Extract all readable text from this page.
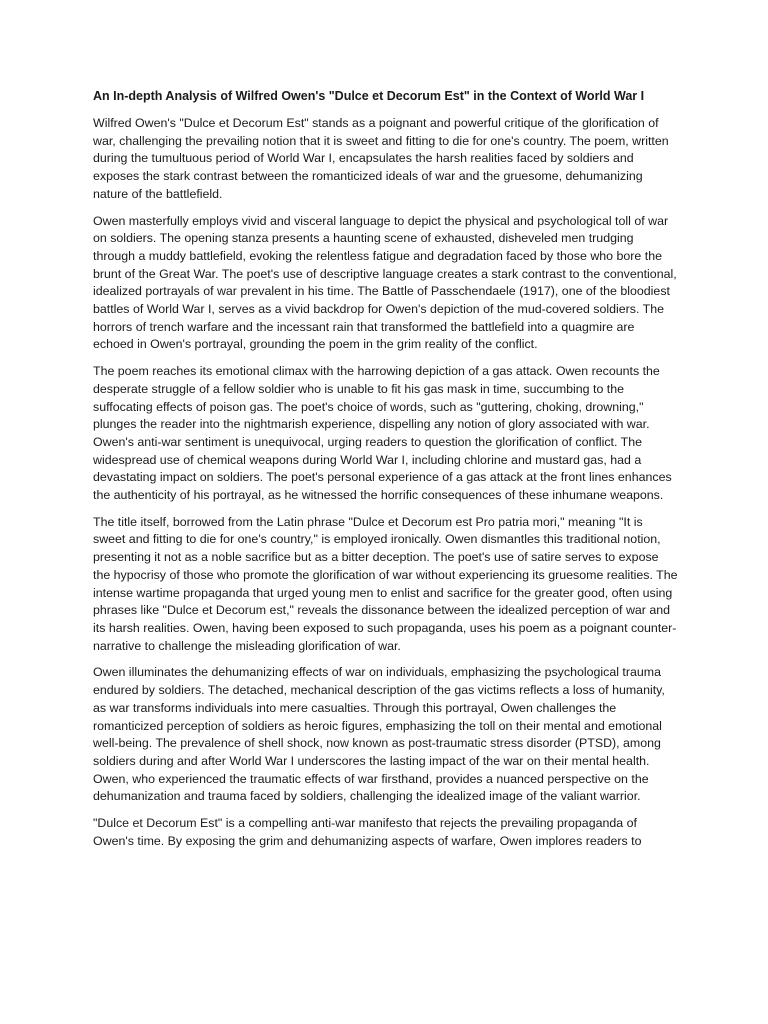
An In-depth Analysis of Wilfred Owen's "Dulce et Decorum Est" in the Context of World War I

Wilfred Owen's "Dulce et Decorum Est" stands as a poignant and powerful critique of the glorification of war, challenging the prevailing notion that it is sweet and fitting to die for one's country. The poem, written during the tumultuous period of World War I, encapsulates the harsh realities faced by soldiers and exposes the stark contrast between the romanticized ideals of war and the gruesome, dehumanizing nature of the battlefield.

Owen masterfully employs vivid and visceral language to depict the physical and psychological toll of war on soldiers. The opening stanza presents a haunting scene of exhausted, disheveled men trudging through a muddy battlefield, evoking the relentless fatigue and degradation faced by those who bore the brunt of the Great War. The poet's use of descriptive language creates a stark contrast to the conventional, idealized portrayals of war prevalent in his time. The Battle of Passchendaele (1917), one of the bloodiest battles of World War I, serves as a vivid backdrop for Owen's depiction of the mud-covered soldiers. The horrors of trench warfare and the incessant rain that transformed the battlefield into a quagmire are echoed in Owen's portrayal, grounding the poem in the grim reality of the conflict.

The poem reaches its emotional climax with the harrowing depiction of a gas attack. Owen recounts the desperate struggle of a fellow soldier who is unable to fit his gas mask in time, succumbing to the suffocating effects of poison gas. The poet's choice of words, such as "guttering, choking, drowning," plunges the reader into the nightmarish experience, dispelling any notion of glory associated with war. Owen's anti-war sentiment is unequivocal, urging readers to question the glorification of conflict. The widespread use of chemical weapons during World War I, including chlorine and mustard gas, had a devastating impact on soldiers. The poet's personal experience of a gas attack at the front lines enhances the authenticity of his portrayal, as he witnessed the horrific consequences of these inhumane weapons.

The title itself, borrowed from the Latin phrase "Dulce et Decorum est Pro patria mori," meaning "It is sweet and fitting to die for one's country," is employed ironically. Owen dismantles this traditional notion, presenting it not as a noble sacrifice but as a bitter deception. The poet's use of satire serves to expose the hypocrisy of those who promote the glorification of war without experiencing its gruesome realities. The intense wartime propaganda that urged young men to enlist and sacrifice for the greater good, often using phrases like "Dulce et Decorum est," reveals the dissonance between the idealized perception of war and its harsh realities. Owen, having been exposed to such propaganda, uses his poem as a poignant counter-narrative to challenge the misleading glorification of war.

Owen illuminates the dehumanizing effects of war on individuals, emphasizing the psychological trauma endured by soldiers. The detached, mechanical description of the gas victims reflects a loss of humanity, as war transforms individuals into mere casualties. Through this portrayal, Owen challenges the romanticized perception of soldiers as heroic figures, emphasizing the toll on their mental and emotional well-being. The prevalence of shell shock, now known as post-traumatic stress disorder (PTSD), among soldiers during and after World War I underscores the lasting impact of the war on their mental health. Owen, who experienced the traumatic effects of war firsthand, provides a nuanced perspective on the dehumanization and trauma faced by soldiers, challenging the idealized image of the valiant warrior.

"Dulce et Decorum Est" is a compelling anti-war manifesto that rejects the prevailing propaganda of Owen's time. By exposing the grim and dehumanizing aspects of warfare, Owen implores readers to
